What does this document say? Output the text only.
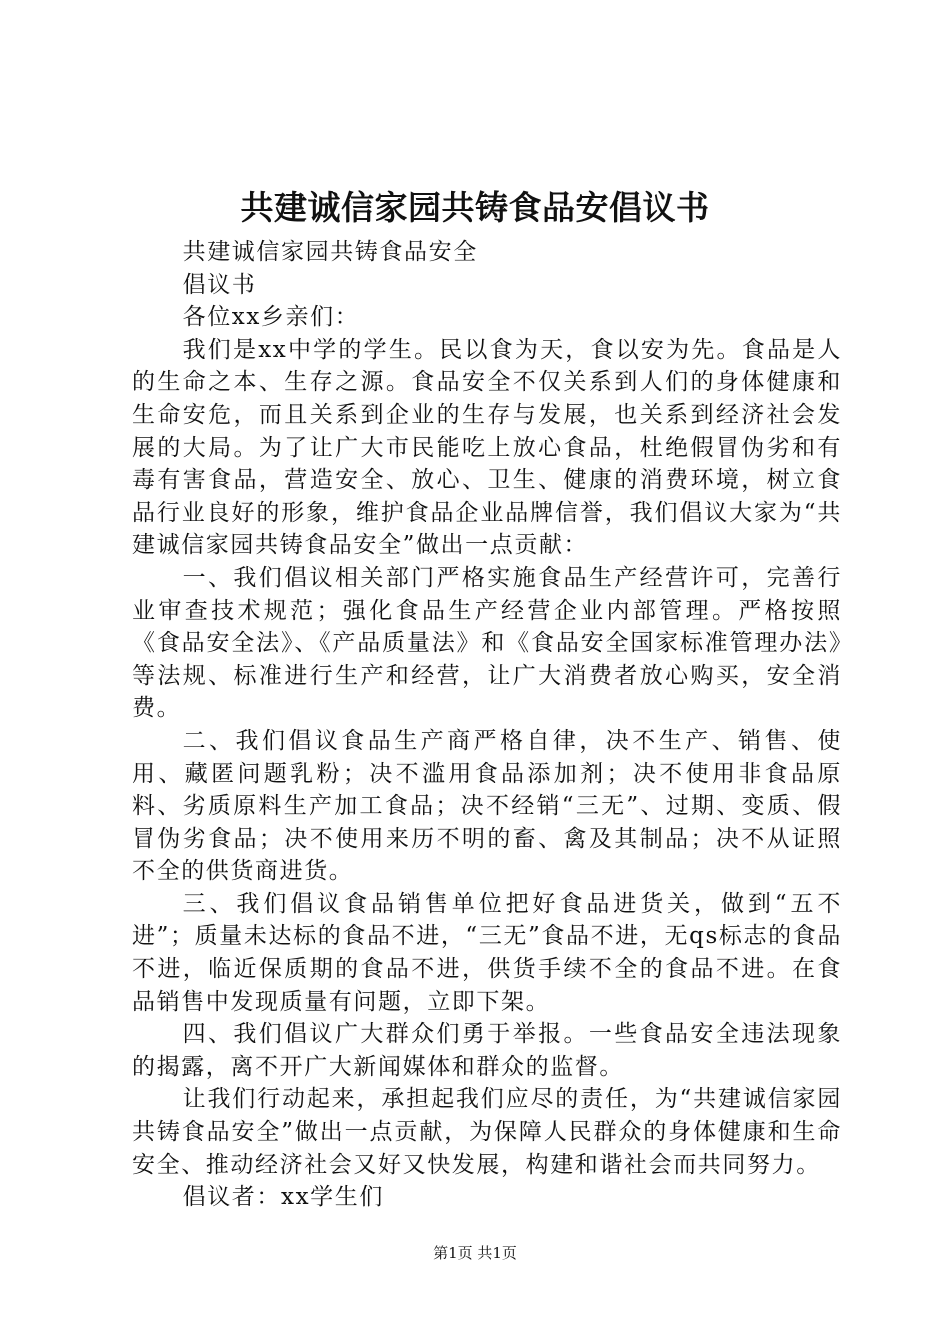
共建诚信家园共铸食品安倡议书

共建诚信家园共铸食品安全

倡议书

各位xx乡亲们：

我们是xx中学的学生。民以食为天，食以安为先。食品是人的生命之本、生存之源。食品安全不仅关系到人们的身体健康和生命安危，而且关系到企业的生存与发展，也关系到经济社会发展的大局。为了让广大市民能吃上放心食品，杜绝假冒伪劣和有毒有害食品，营造安全、放心、卫生、健康的消费环境，树立食品行业良好的形象，维护食品企业品牌信誉，我们倡议大家为“共建诚信家园共铸食品安全”做出一点贡献：

一、我们倡议相关部门严格实施食品生产经营许可，完善行业审查技术规范；强化食品生产经营企业内部管理。严格按照《食品安全法》、《产品质量法》和《食品安全国家标准管理办法》等法规、标准进行生产和经营，让广大消费者放心购买，安全消费。

二、我们倡议食品生产商严格自律，决不生产、销售、使用、藏匿问题乳粉；决不滥用食品添加剂；决不使用非食品原料、劣质原料生产加工食品；决不经销“三无”、过期、变质、假冒伪劣食品；决不使用来历不明的畜、禽及其制品；决不从证照不全的供货商进货。

三、我们倡议食品销售单位把好食品进货关，做到“五不进”；质量未达标的食品不进，“三无”食品不进，无qs标志的食品不进，临近保质期的食品不进，供货手续不全的食品不进。在食品销售中发现质量有问题，立即下架。

四、我们倡议广大群众们勇于举报。一些食品安全违法现象的揭露，离不开广大新闻媒体和群众的监督。

让我们行动起来，承担起我们应尽的责任，为“共建诚信家园共铸食品安全”做出一点贡献，为保障人民群众的身体健康和生命安全、推动经济社会又好又快发展，构建和谐社会而共同努力。

倡议者：xx学生们

第1页 共1页
